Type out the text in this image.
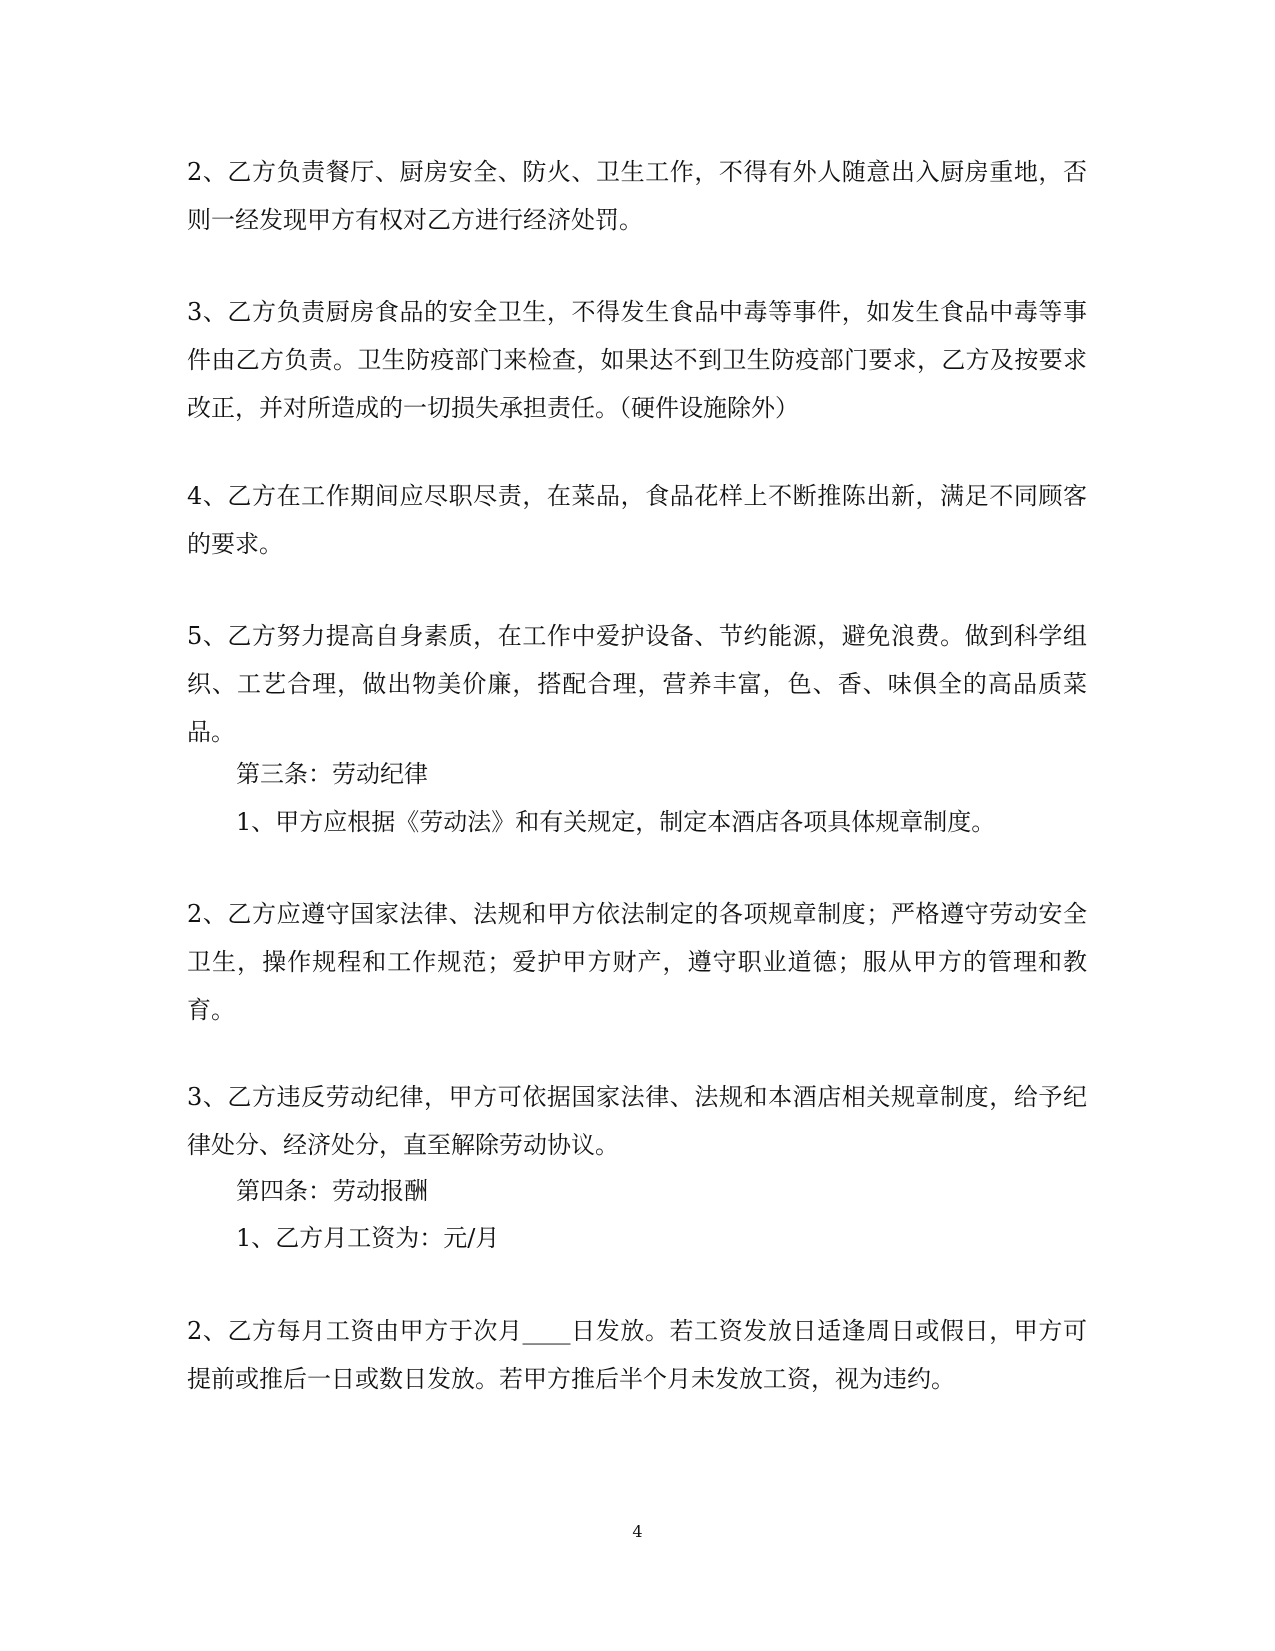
2、乙方负责餐厅、厨房安全、防火、卫生工作，不得有外人随意出入厨房重地，否则一经发现甲方有权对乙方进行经济处罚。

3、乙方负责厨房食品的安全卫生，不得发生食品中毒等事件，如发生食品中毒等事件由乙方负责。卫生防疫部门来检查，如果达不到卫生防疫部门要求，乙方及按要求改正，并对所造成的一切损失承担责任。（硬件设施除外）

4、乙方在工作期间应尽职尽责，在菜品，食品花样上不断推陈出新，满足不同顾客的要求。

5、乙方努力提高自身素质，在工作中爱护设备、节约能源，避免浪费。做到科学组织、工艺合理，做出物美价廉，搭配合理，营养丰富，色、香、味俱全的高品质菜品。

第三条：劳动纪律

1、甲方应根据《劳动法》和有关规定，制定本酒店各项具体规章制度。

2、乙方应遵守国家法律、法规和甲方依法制定的各项规章制度；严格遵守劳动安全卫生，操作规程和工作规范；爱护甲方财产，遵守职业道德；服从甲方的管理和教育。

3、乙方违反劳动纪律，甲方可依据国家法律、法规和本酒店相关规章制度，给予纪律处分、经济处分，直至解除劳动协议。

第四条：劳动报酬

1、乙方月工资为：元/月

2、乙方每月工资由甲方于次月____日发放。若工资发放日适逢周日或假日，甲方可提前或推后一日或数日发放。若甲方推后半个月未发放工资，视为违约。

4
